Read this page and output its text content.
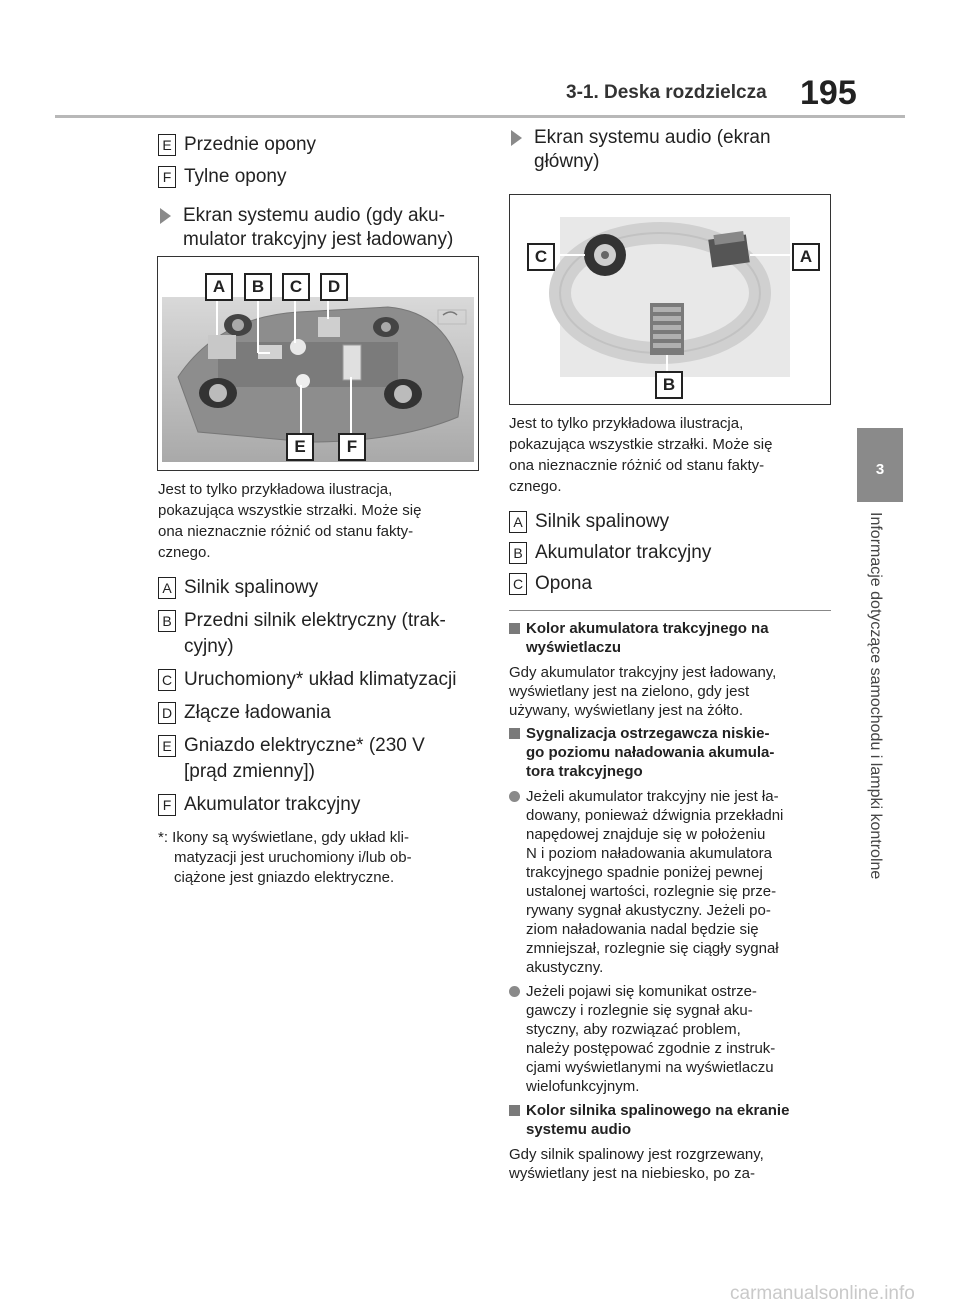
3-1. Deska rozdzielcza 195
3
Informacje dotyczące samochodu i lampki kontrolne
E Przednie opony
F Tylne opony
Ekran systemu audio (gdy aku-
mulator trakcyjny jest ładowany)
A	B	C	D
E	F
Jest to tylko przykładowa ilustracja,
pokazująca wszystkie strzałki. Może się
ona nieznacznie różnić od stanu fakty-
cznego.
A Silnik spalinowy
B Przedni silnik elektryczny (trak-
cyjny)
C Uruchomiony* układ klimatyzacji
D Złącze ładowania
E Gniazdo elektryczne* (230 V
[prąd zmienny])
F Akumulator trakcyjny
*: Ikony są wyświetlane, gdy układ kli-
matyzacji jest uruchomiony i/lub ob-
ciążone jest gniazdo elektryczne.
Ekran systemu audio (ekran
główny)
C	A
B
Jest to tylko przykładowa ilustracja,
pokazująca wszystkie strzałki. Może się
ona nieznacznie różnić od stanu fakty-
cznego.
A Silnik spalinowy
B Akumulator trakcyjny
C Opona
Kolor akumulatora trakcyjnego na
wyświetlaczu
Gdy akumulator trakcyjny jest ładowany,
wyświetlany jest na zielono, gdy jest
używany, wyświetlany jest na żółto.
Sygnalizacja ostrzegawcza niskie-
go poziomu naładowania akumula-
tora trakcyjnego
Jeżeli akumulator trakcyjny nie jest ła-
dowany, ponieważ dźwignia przekładni
napędowej znajduje się w położeniu
N i poziom naładowania akumulatora
trakcyjnego spadnie poniżej pewnej
ustalonej wartości, rozlegnie się prze-
rywany sygnał akustyczny. Jeżeli po-
ziom naładowania nadal będzie się
zmniejszał, rozlegnie się ciągły sygnał
akustyczny.
Jeżeli pojawi się komunikat ostrze-
gawczy i rozlegnie się sygnał aku-
styczny, aby rozwiązać problem,
należy postępować zgodnie z instruk-
cjami wyświetlanymi na wyświetlaczu
wielofunkcyjnym.
Kolor silnika spalinowego na ekranie
systemu audio
Gdy silnik spalinowy jest rozgrzewany,
wyświetlany jest na niebiesko, po za-
carmanualsonline.info
